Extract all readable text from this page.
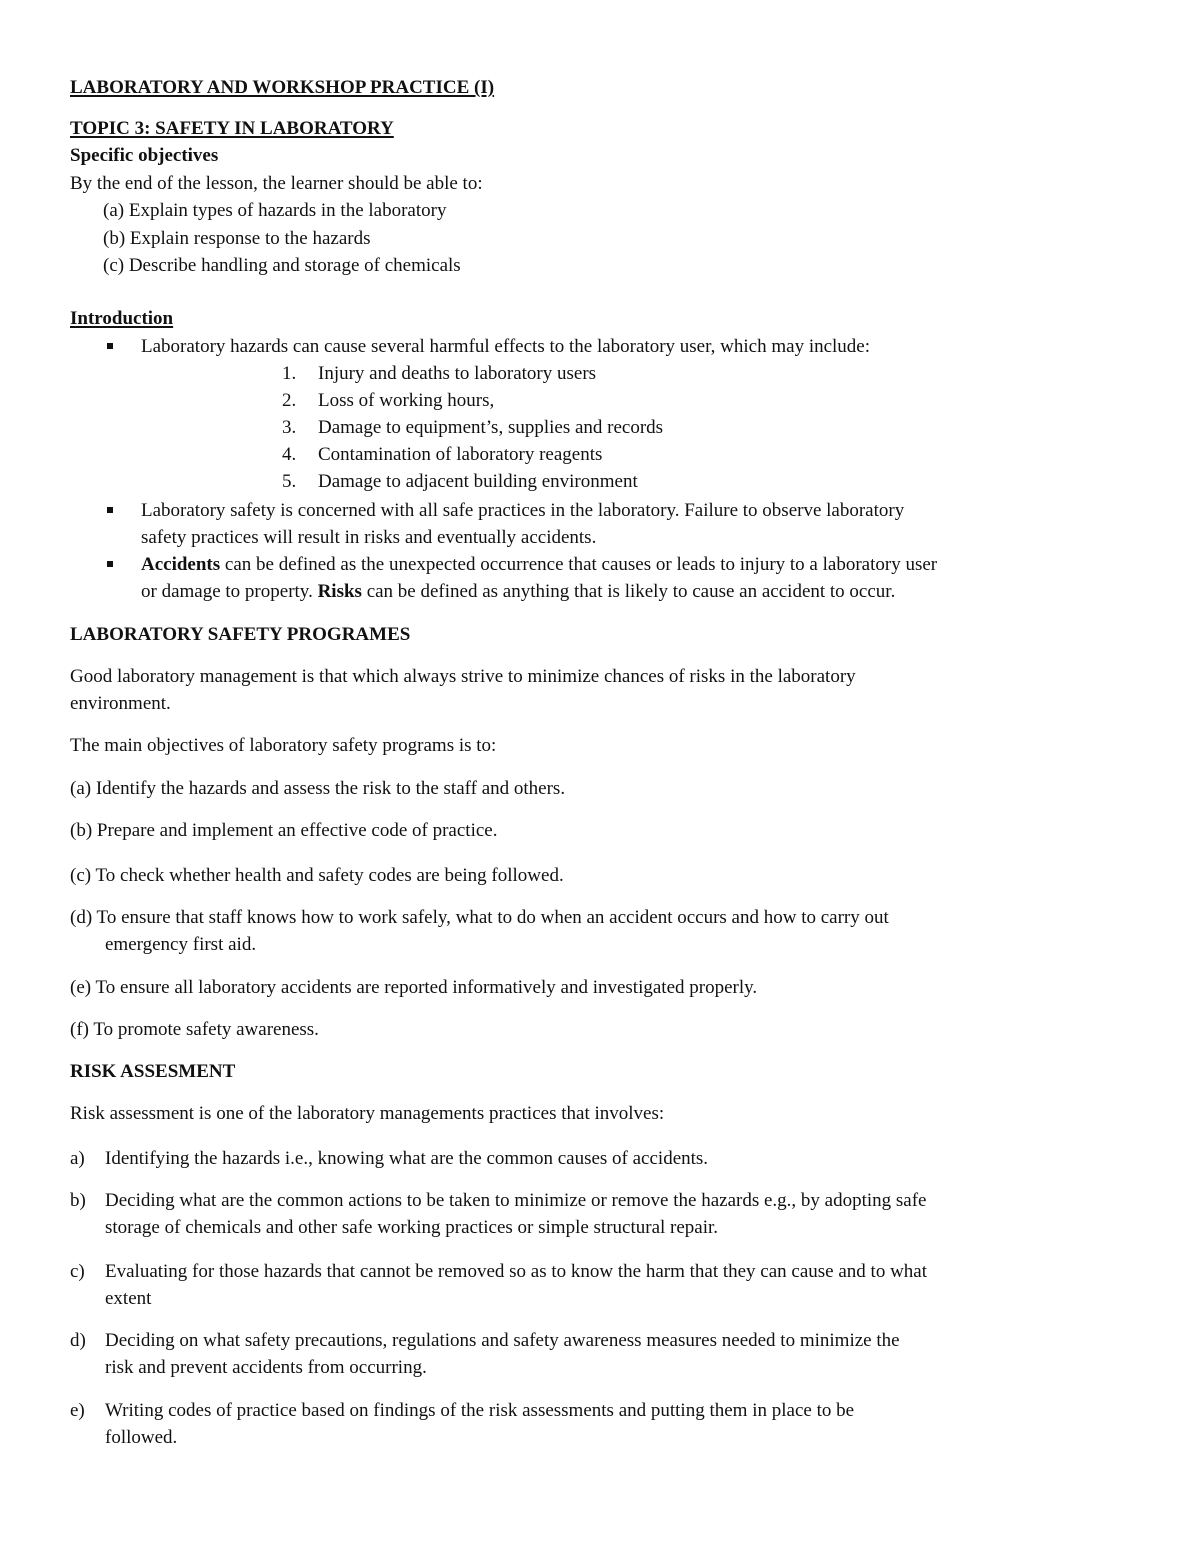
LABORATORY AND WORKSHOP PRACTICE (I)
TOPIC 3: SAFETY IN LABORATORY
Specific objectives
By the end of the lesson, the learner should be able to:
(a) Explain types of hazards in the laboratory
(b) Explain response to the hazards
(c) Describe handling and storage of chemicals
Introduction
Laboratory hazards can cause several harmful effects to the laboratory user, which may include:
1. Injury and deaths to laboratory users
2. Loss of working hours,
3. Damage to equipment’s, supplies and records
4. Contamination of laboratory reagents
5. Damage to adjacent building environment
Laboratory safety is concerned with all safe practices in the laboratory. Failure to observe laboratory
safety practices will result in risks and eventually accidents.
Accidents can be defined as the unexpected occurrence that causes or leads to injury to a laboratory user
or damage to property. Risks can be defined as anything that is likely to cause an accident to occur.
LABORATORY SAFETY PROGRAMES
Good laboratory management is that which always strive to minimize chances of risks in the laboratory
environment.
The main objectives of laboratory safety programs is to:
(a) Identify the hazards and assess the risk to the staff and others.
(b) Prepare and implement an effective code of practice.
(c) To check whether health and safety codes are being followed.
(d) To ensure that staff knows how to work safely, what to do when an accident occurs and how to carry out
emergency first aid.
(e) To ensure all laboratory accidents are reported informatively and investigated properly.
(f) To promote safety awareness.
RISK ASSESMENT
Risk assessment is one of the laboratory managements practices that involves:
a) Identifying the hazards i.e., knowing what are the common causes of accidents.
b) Deciding what are the common actions to be taken to minimize or remove the hazards e.g., by adopting safe
storage of chemicals and other safe working practices or simple structural repair.
c) Evaluating for those hazards that cannot be removed so as to know the harm that they can cause and to what
extent
d) Deciding on what safety precautions, regulations and safety awareness measures needed to minimize the
risk and prevent accidents from occurring.
e) Writing codes of practice based on findings of the risk assessments and putting them in place to be
followed.
